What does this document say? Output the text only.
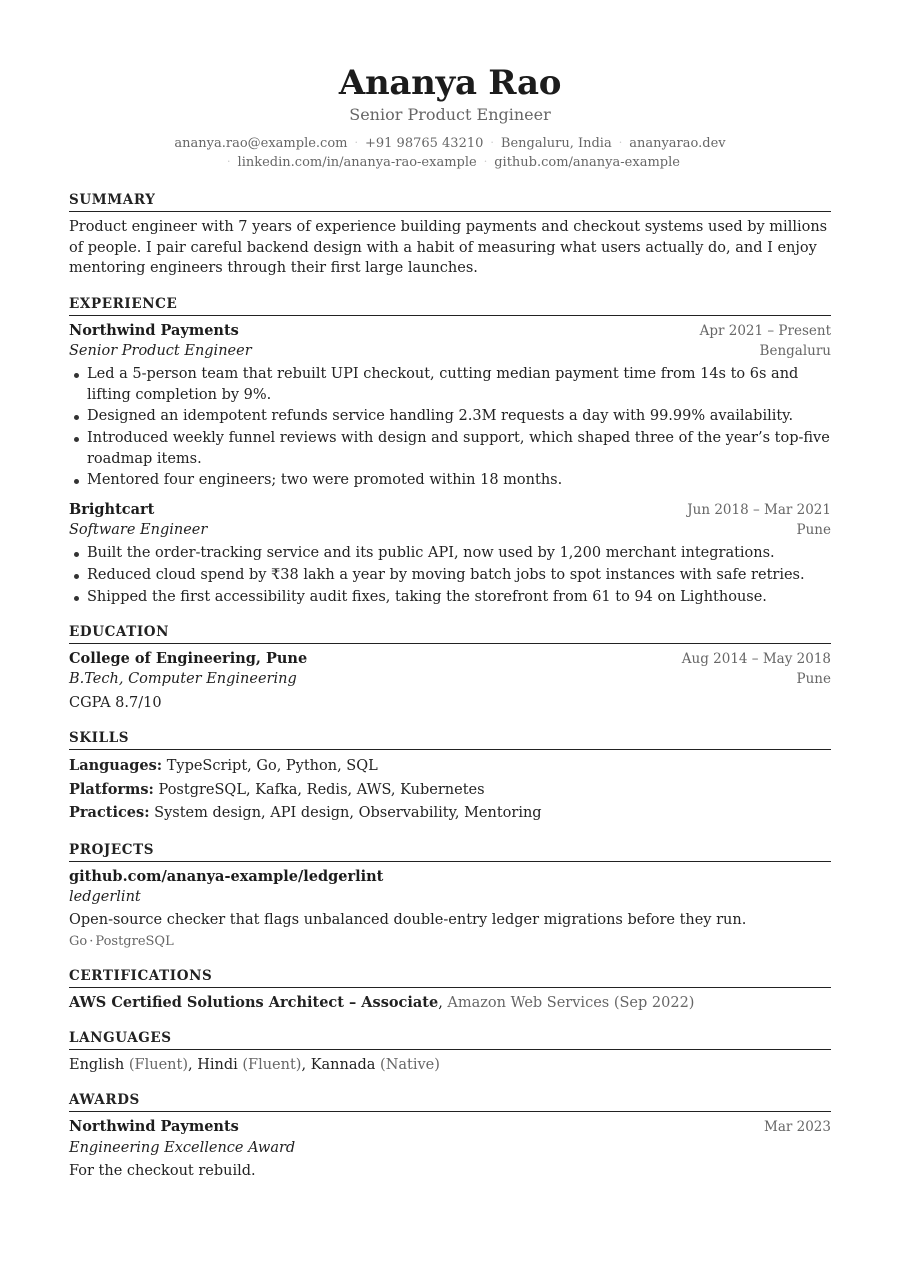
Ananya Rao
Senior Product Engineer
ananya.rao@example.com · +91 98765 43210 · Bengaluru, India · ananyarao.dev
· linkedin.com/in/ananya-rao-example · github.com/ananya-example
SUMMARY
Product engineer with 7 years of experience building payments and checkout systems used by millions of people. I pair careful backend design with a habit of measuring what users actually do, and I enjoy mentoring engineers through their first large launches.
EXPERIENCE
Northwind Payments	Apr 2021 – Present
Senior Product Engineer	Bengaluru
Led a 5-person team that rebuilt UPI checkout, cutting median payment time from 14s to 6s and lifting completion by 9%.
Designed an idempotent refunds service handling 2.3M requests a day with 99.99% availability.
Introduced weekly funnel reviews with design and support, which shaped three of the year’s top-five roadmap items.
Mentored four engineers; two were promoted within 18 months.
Brightcart	Jun 2018 – Mar 2021
Software Engineer	Pune
Built the order-tracking service and its public API, now used by 1,200 merchant integrations.
Reduced cloud spend by ₹38 lakh a year by moving batch jobs to spot instances with safe retries.
Shipped the first accessibility audit fixes, taking the storefront from 61 to 94 on Lighthouse.
EDUCATION
College of Engineering, Pune	Aug 2014 – May 2018
B.Tech, Computer Engineering	Pune
CGPA 8.7/10
SKILLS
Languages: TypeScript, Go, Python, SQL
Platforms: PostgreSQL, Kafka, Redis, AWS, Kubernetes
Practices: System design, API design, Observability, Mentoring
PROJECTS
github.com/ananya-example/ledgerlint
ledgerlint
Open-source checker that flags unbalanced double-entry ledger migrations before they run.
Go · PostgreSQL
CERTIFICATIONS
AWS Certified Solutions Architect – Associate, Amazon Web Services (Sep 2022)
LANGUAGES
English (Fluent), Hindi (Fluent), Kannada (Native)
AWARDS
Northwind Payments	Mar 2023
Engineering Excellence Award
For the checkout rebuild.
